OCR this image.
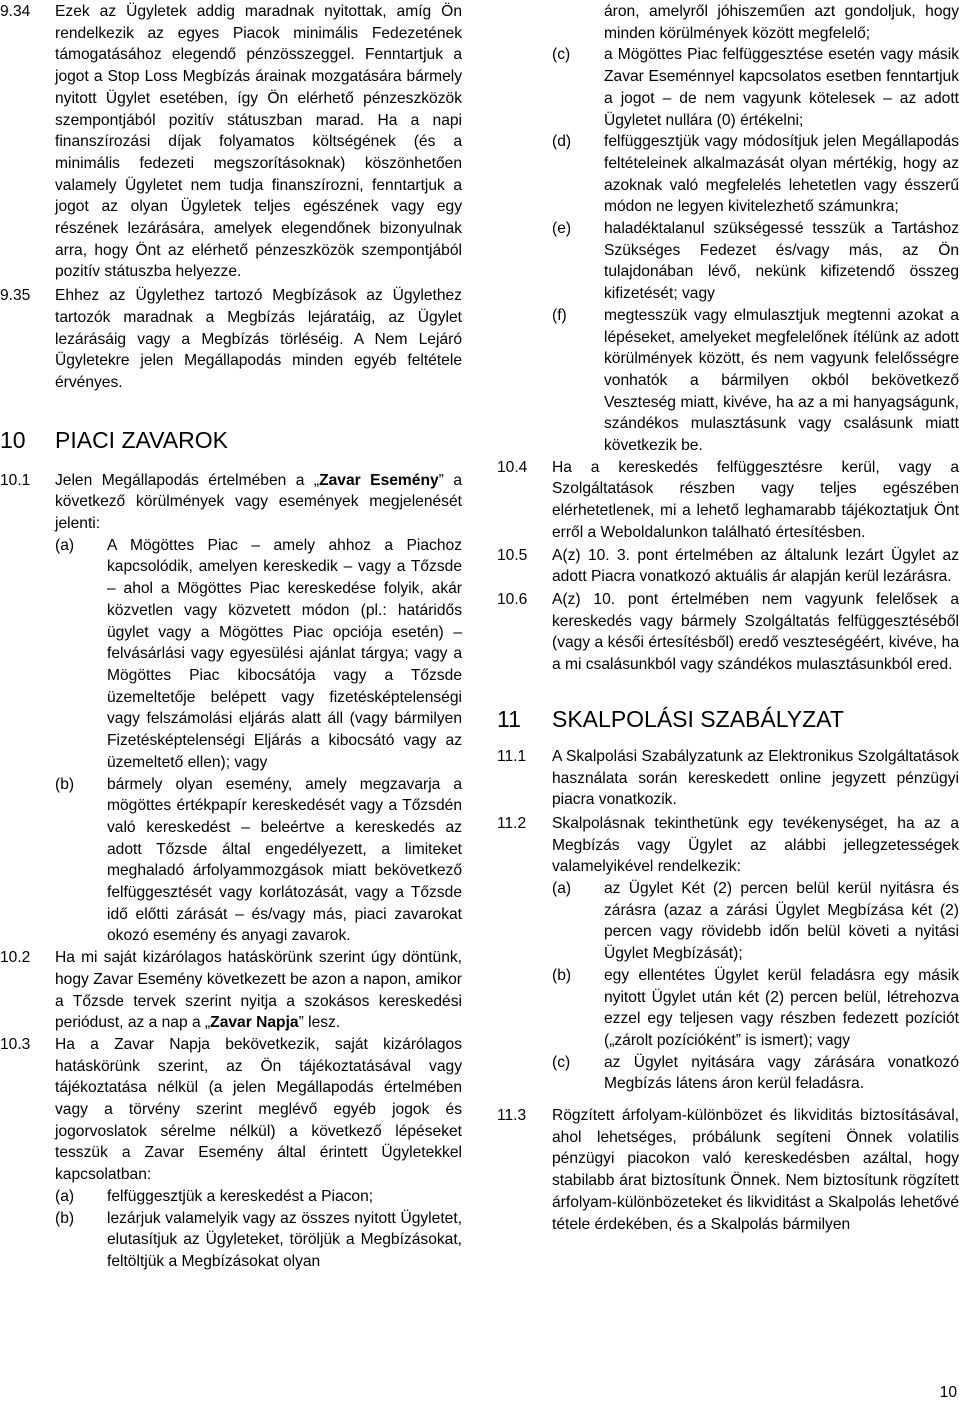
9.34 Ezek az Ügyletek addig maradnak nyitottak, amíg Ön rendelkezik az egyes Piacok minimális Fedezetének támogatásához elegendő pénzösszeggel. Fenntartjuk a jogot a Stop Loss Megbízás árainak mozgatására bármely nyitott Ügylet esetében, így Ön elérhető pénzeszközök szempontjából pozitív státuszban marad. Ha a napi finanszírozási díjak folyamatos költségének (és a minimális fedezeti megszorításoknak) köszönhetően valamely Ügyletet nem tudja finanszírozni, fenntartjuk a jogot az olyan Ügyletek teljes egészének vagy egy részének lezárására, amelyek elegendőnek bizonyulnak arra, hogy Önt az elérhető pénzeszközök szempontjából pozitív státuszba helyezze.
9.35 Ehhez az Ügylethez tartozó Megbízások az Ügylethez tartozók maradnak a Megbízás lejáratáig, az Ügylet lezárásáig vagy a Megbízás törléséig. A Nem Lejáró Ügyletekre jelen Megállapodás minden egyéb feltétele érvényes.
10 PIACI ZAVAROK
10.1 Jelen Megállapodás értelmében a „Zavar Esemény” a következő körülmények vagy események megjelenését jelenti:
(a) A Mögöttes Piac – amely ahhoz a Piachoz kapcsolódik, amelyen kereskedik – vagy a Tőzsde – ahol a Mögöttes Piac kereskedése folyik, akár közvetlen vagy közvetett módon (pl.: határidős ügylet vagy a Mögöttes Piac opciója esetén) – felvásárlási vagy egyesülési ajánlat tárgya; vagy a Mögöttes Piac kibocsátója vagy a Tőzsde üzemeltetője belépett vagy fizetésképtelenségi vagy felszámolási eljárás alatt áll (vagy bármilyen Fizetésképtelenségi Eljárás a kibocsátó vagy az üzemeltető ellen); vagy
(b) bármely olyan esemény, amely megzavarja a mögöttes értékpapír kereskedését vagy a Tőzsdén való kereskedést – beleértve a kereskedés az adott Tőzsde által engedélyezett, a limiteket meghaladó árfolyammozgások miatt bekövetkező felfüggesztését vagy korlátozását, vagy a Tőzsde idő előtti zárását – és/vagy más, piaci zavarokat okozó esemény és anyagi zavarok.
10.2 Ha mi saját kizárólagos hatáskörünk szerint úgy döntünk, hogy Zavar Esemény következett be azon a napon, amikor a Tőzsde tervek szerint nyitja a szokásos kereskedési periódust, az a nap a „Zavar Napja” lesz.
10.3 Ha a Zavar Napja bekövetkezik, saját kizárólagos hatáskörünk szerint, az Ön tájékoztatásával vagy tájékoztatása nélkül (a jelen Megállapodás értelmében vagy a törvény szerint meglévő egyéb jogok és jogorvoslatok sérelme nélkül) a következő lépéseket tesszük a Zavar Esemény által érintett Ügyletekkel kapcsolatban:
(a) felfüggesztjük a kereskedést a Piacon;
(b) lezárjuk valamelyik vagy az összes nyitott Ügyletet, elutasítjuk az Ügyleteket, töröljük a Megbízásokat, feltöltjük a Megbízásokat olyan
áron, amelyről jóhiszeműen azt gondoljuk, hogy minden körülmények között megfelelő;
(c) a Mögöttes Piac felfüggesztése esetén vagy másik Zavar Eseménnyel kapcsolatos esetben fenntartjuk a jogot – de nem vagyunk kötelesek – az adott Ügyletet nullára (0) értékelni;
(d) felfüggesztjük vagy módosítjuk jelen Megállapodás feltételeinek alkalmazását olyan mértékig, hogy az azoknak való megfelelés lehetetlen vagy ésszerű módon ne legyen kivitelezhető számunkra;
(e) haladéktalanul szükségessé tesszük a Tartáshoz Szükséges Fedezet és/vagy más, az Ön tulajdonában lévő, nekünk kifizetendő összeg kifizetését; vagy
(f) megtesszük vagy elmulasztjuk megtenni azokat a lépéseket, amelyeket megfelelőnek ítélünk az adott körülmények között, és nem vagyunk felelősségre vonhatók a bármilyen okból bekövetkező Veszteség miatt, kivéve, ha az a mi hanyagságunk, szándékos mulasztásunk vagy csalásunk miatt következik be.
10.4 Ha a kereskedés felfüggesztésre kerül, vagy a Szolgáltatások részben vagy teljes egészében elérhetetlenek, mi a lehető leghamarabb tájékoztatjuk Önt erről a Weboldalunkon található értesítésben.
10.5 A(z) 10. 3. pont értelmében az általunk lezárt Ügylet az adott Piacra vonatkozó aktuális ár alapján kerül lezárásra.
10.6 A(z) 10. pont értelmében nem vagyunk felelősek a kereskedés vagy bármely Szolgáltatás felfüggesztéséből (vagy a késői értesítésből) eredő veszteségéért, kivéve, ha a mi csalásunkból vagy szándékos mulasztásunkból ered.
11 SKALPOLÁSI SZABÁLYZAT
11.1 A Skalpolási Szabályzatunk az Elektronikus Szolgáltatások használata során kereskedett online jegyzett pénzügyi piacra vonatkozik.
11.2 Skalpolásnak tekinthetünk egy tevékenységet, ha az a Megbízás vagy Ügylet az alábbi jellegzetességek valamelyikével rendelkezik:
(a) az Ügylet Két (2) percen belül kerül nyitásra és zárásra (azaz a zárási Ügylet Megbízása két (2) percen vagy rövidebb időn belül követi a nyitási Ügylet Megbízását);
(b) egy ellentétes Ügylet kerül feladásra egy másik nyitott Ügylet után két (2) percen belül, létrehozva ezzel egy teljesen vagy részben fedezett pozíciót („zárolt pozícióként” is ismert); vagy
(c) az Ügylet nyitására vagy zárására vonatkozó Megbízás látens áron kerül feladásra.
11.3 Rögzített árfolyam-különbözet és likviditás biztosításával, ahol lehetséges, próbálunk segíteni Önnek volatilis pénzügyi piacokon való kereskedésben azáltal, hogy stabilabb árat biztosítunk Önnek. Nem biztosítunk rögzített árfolyam-különbözeteket és likviditást a Skalpolás lehetővé tétele érdekében, és a Skalpolás bármilyen
10
